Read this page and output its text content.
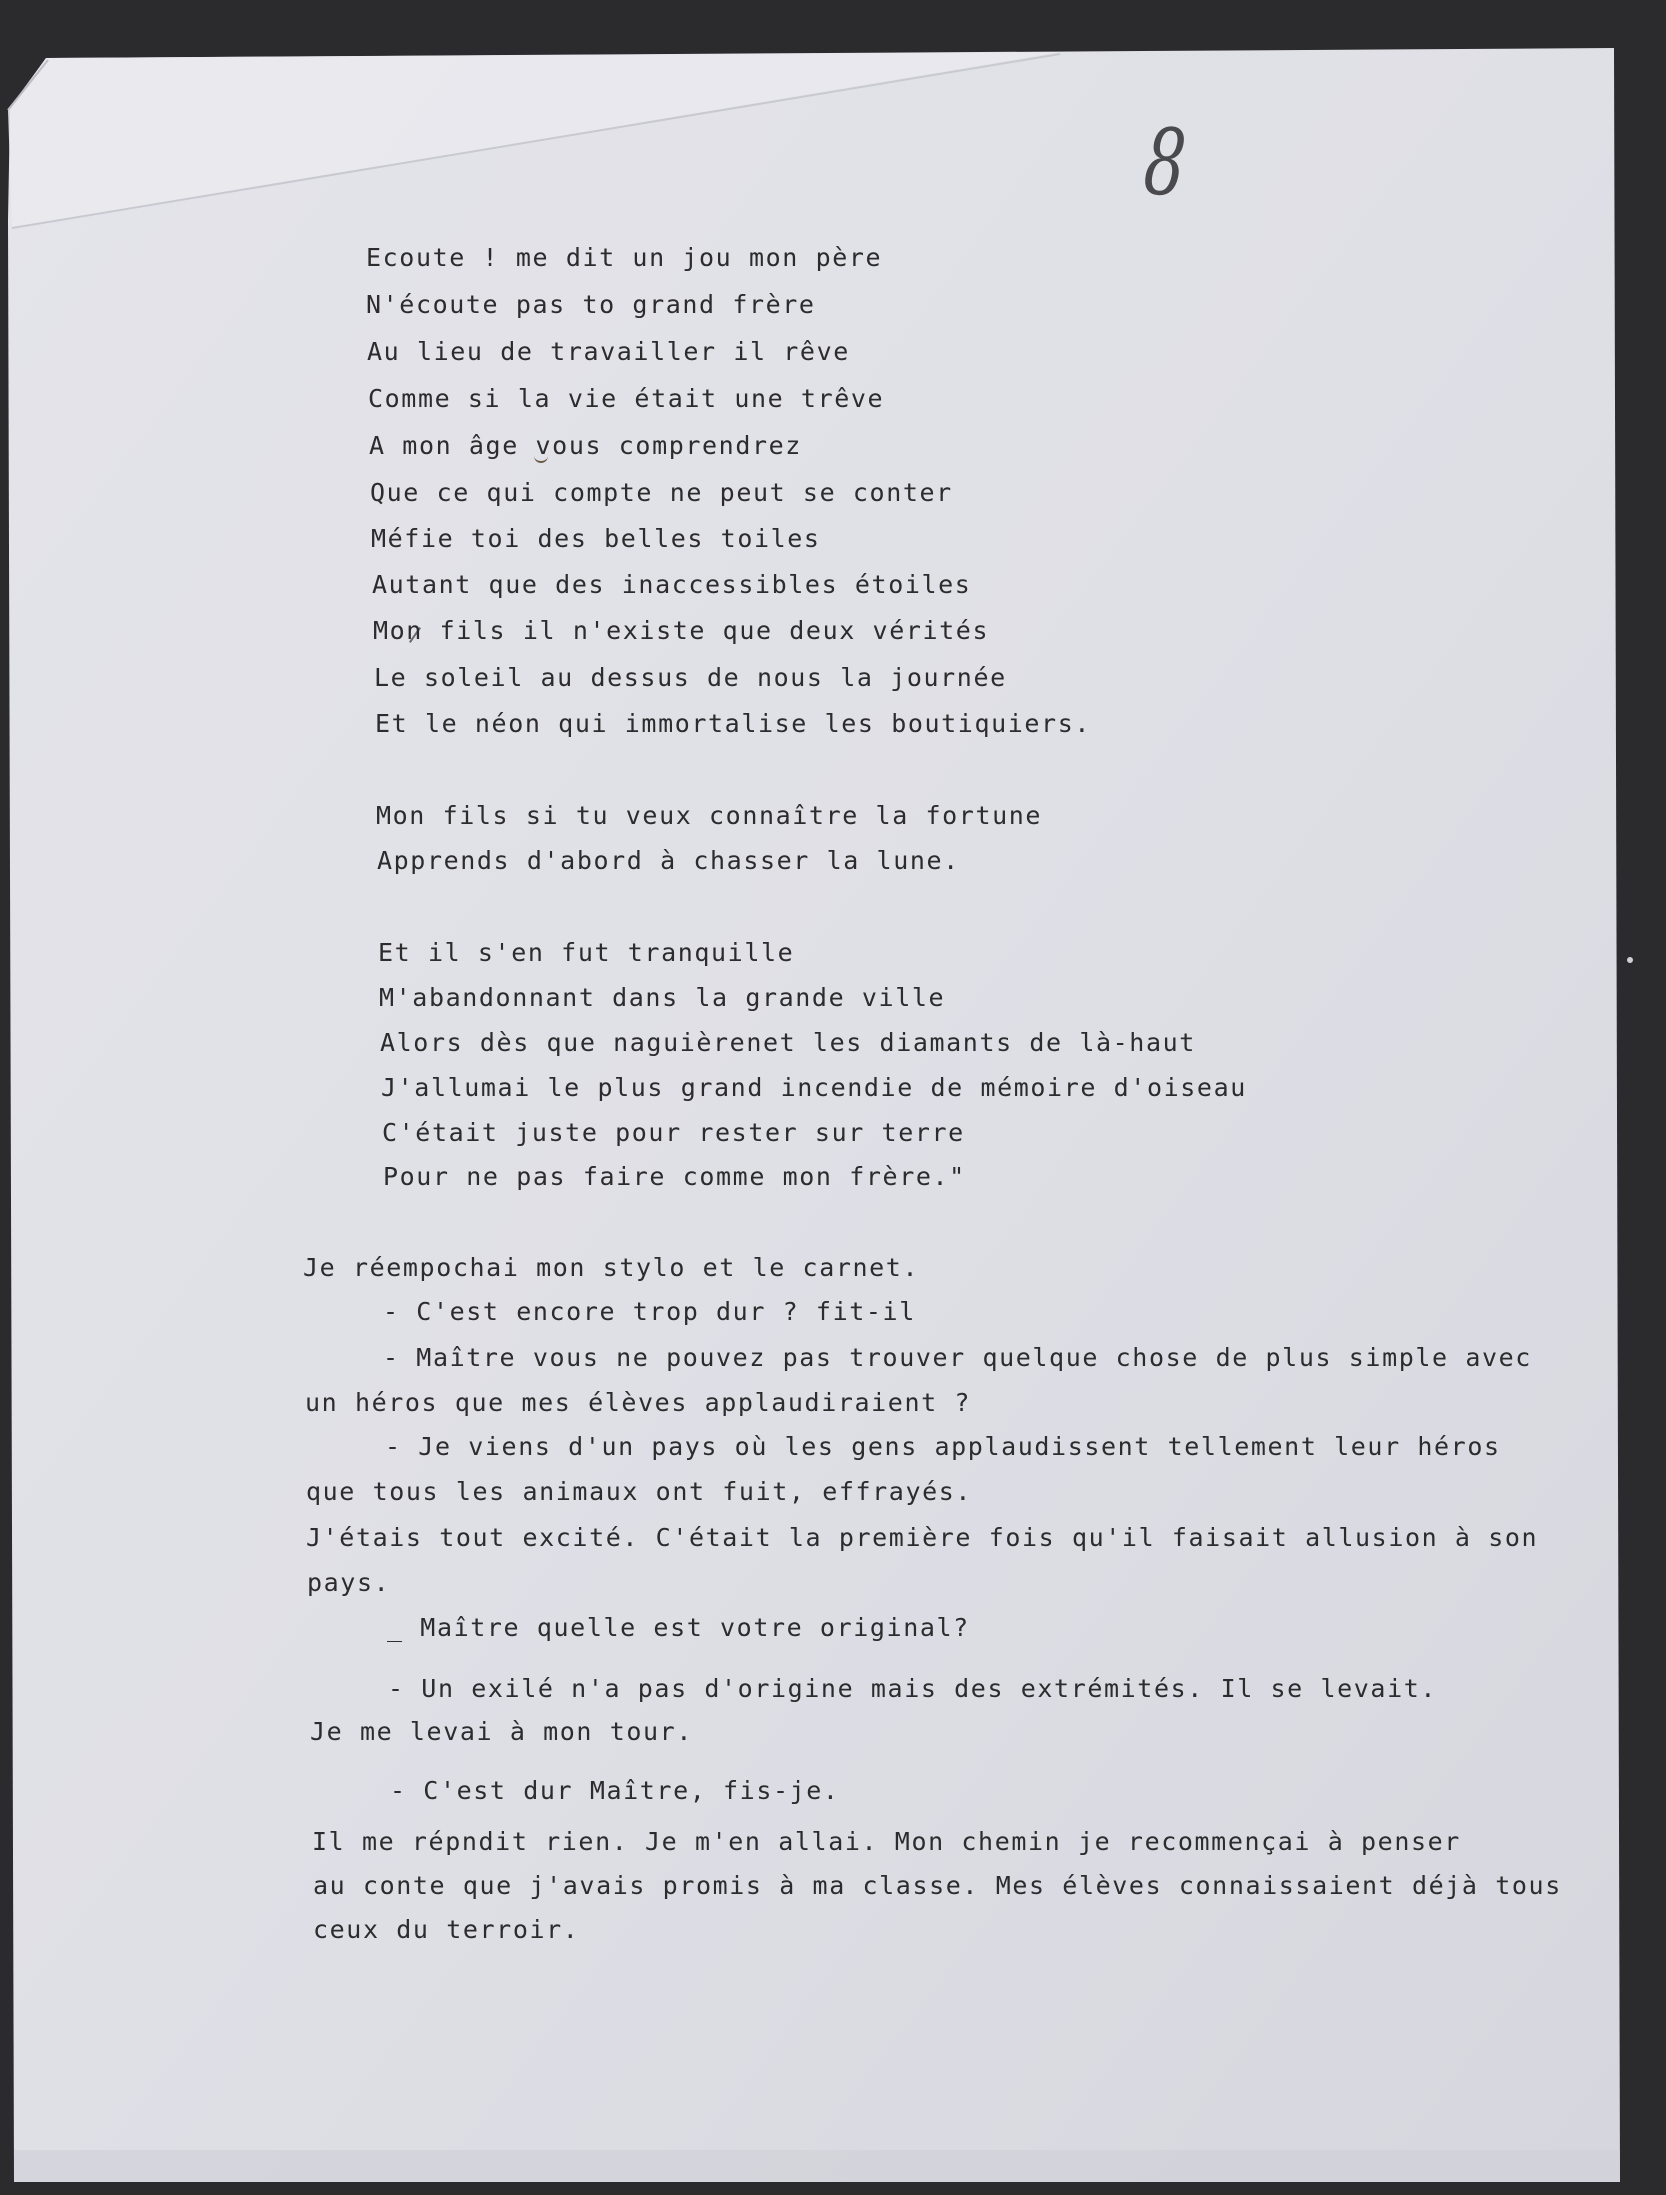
8
Ecoute ! me dit un jou mon père
N'écoute pas to grand frère
Au lieu de travailler il rêve
Comme si la vie était une trêve
A mon âge vous comprendrez
Que ce qui compte ne peut se conter
Méfie toi des belles toiles
Autant que des inaccessibles étoiles
Mon fils il n'existe que deux vérités
Le soleil au dessus de nous la journée
Et le néon qui immortalise les boutiquiers.
Mon fils si tu veux connaître la fortune
Apprends d'abord à chasser la lune.
Et il s'en fut tranquille
M'abandonnant dans la grande ville
Alors dès que naguièrenet les diamants de là-haut
J'allumai le plus grand incendie de mémoire d'oiseau
C'était juste pour rester sur terre
Pour ne pas faire comme mon frère."
Je réempochai mon stylo et le carnet.
- C'est encore trop dur ? fit-il
- Maître vous ne pouvez pas trouver quelque chose de plus simple avec
un héros que mes élèves applaudiraient ?
- Je viens d'un pays où les gens applaudissent tellement leur héros
que tous les animaux ont fuit, effrayés.
J'étais tout excité. C'était la première fois qu'il faisait allusion à son
pays.
_ Maître quelle est votre original?
- Un exilé n'a pas d'origine mais des extrémités. Il se levait.
Je me levai à mon tour.
- C'est dur Maître, fis-je.
Il me répndit rien. Je m'en allai. Mon chemin je recommençai à penser
au conte que j'avais promis à ma classe. Mes élèves connaissaient déjà tous
ceux du terroir.
